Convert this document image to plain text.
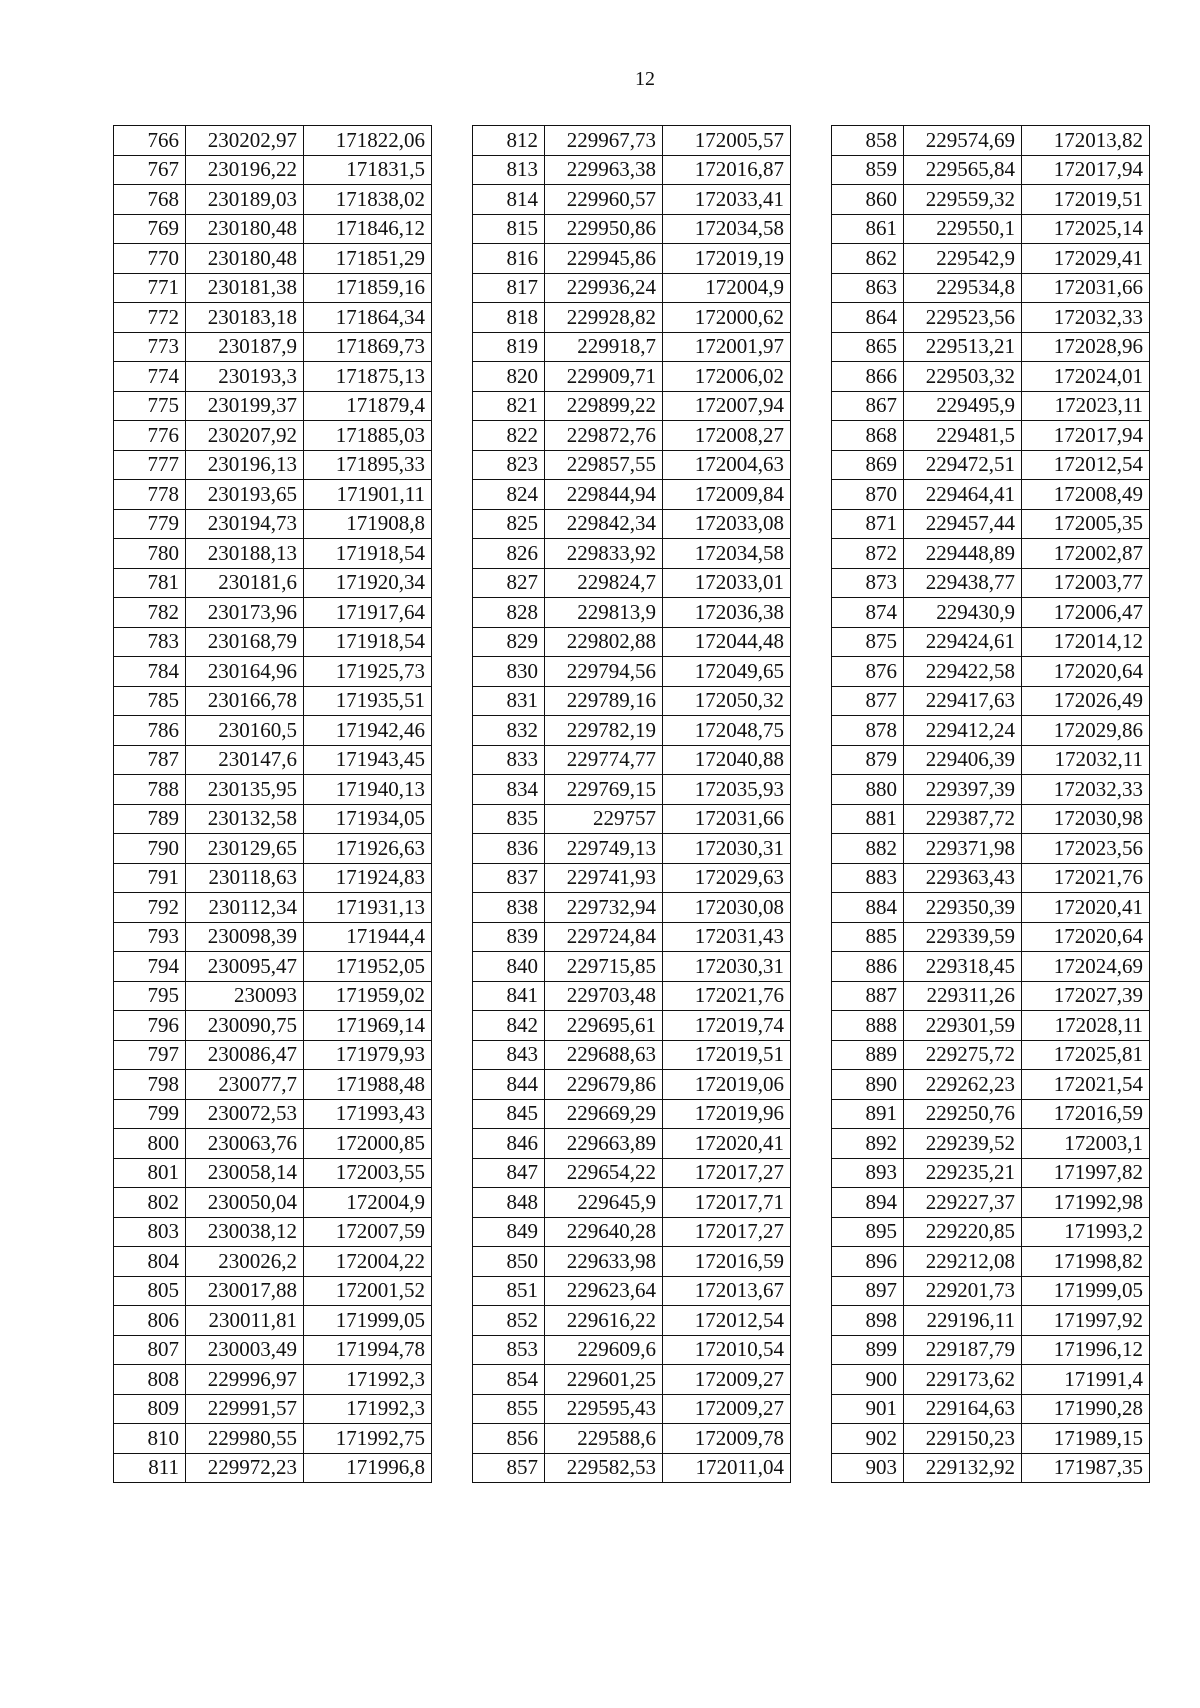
12
766	230202,97	171822,06
767	230196,22	171831,5
768	230189,03	171838,02
769	230180,48	171846,12
770	230180,48	171851,29
771	230181,38	171859,16
772	230183,18	171864,34
773	230187,9	171869,73
774	230193,3	171875,13
775	230199,37	171879,4
776	230207,92	171885,03
777	230196,13	171895,33
778	230193,65	171901,11
779	230194,73	171908,8
780	230188,13	171918,54
781	230181,6	171920,34
782	230173,96	171917,64
783	230168,79	171918,54
784	230164,96	171925,73
785	230166,78	171935,51
786	230160,5	171942,46
787	230147,6	171943,45
788	230135,95	171940,13
789	230132,58	171934,05
790	230129,65	171926,63
791	230118,63	171924,83
792	230112,34	171931,13
793	230098,39	171944,4
794	230095,47	171952,05
795	230093	171959,02
796	230090,75	171969,14
797	230086,47	171979,93
798	230077,7	171988,48
799	230072,53	171993,43
800	230063,76	172000,85
801	230058,14	172003,55
802	230050,04	172004,9
803	230038,12	172007,59
804	230026,2	172004,22
805	230017,88	172001,52
806	230011,81	171999,05
807	230003,49	171994,78
808	229996,97	171992,3
809	229991,57	171992,3
810	229980,55	171992,75
811	229972,23	171996,8
812	229967,73	172005,57
813	229963,38	172016,87
814	229960,57	172033,41
815	229950,86	172034,58
816	229945,86	172019,19
817	229936,24	172004,9
818	229928,82	172000,62
819	229918,7	172001,97
820	229909,71	172006,02
821	229899,22	172007,94
822	229872,76	172008,27
823	229857,55	172004,63
824	229844,94	172009,84
825	229842,34	172033,08
826	229833,92	172034,58
827	229824,7	172033,01
828	229813,9	172036,38
829	229802,88	172044,48
830	229794,56	172049,65
831	229789,16	172050,32
832	229782,19	172048,75
833	229774,77	172040,88
834	229769,15	172035,93
835	229757	172031,66
836	229749,13	172030,31
837	229741,93	172029,63
838	229732,94	172030,08
839	229724,84	172031,43
840	229715,85	172030,31
841	229703,48	172021,76
842	229695,61	172019,74
843	229688,63	172019,51
844	229679,86	172019,06
845	229669,29	172019,96
846	229663,89	172020,41
847	229654,22	172017,27
848	229645,9	172017,71
849	229640,28	172017,27
850	229633,98	172016,59
851	229623,64	172013,67
852	229616,22	172012,54
853	229609,6	172010,54
854	229601,25	172009,27
855	229595,43	172009,27
856	229588,6	172009,78
857	229582,53	172011,04
858	229574,69	172013,82
859	229565,84	172017,94
860	229559,32	172019,51
861	229550,1	172025,14
862	229542,9	172029,41
863	229534,8	172031,66
864	229523,56	172032,33
865	229513,21	172028,96
866	229503,32	172024,01
867	229495,9	172023,11
868	229481,5	172017,94
869	229472,51	172012,54
870	229464,41	172008,49
871	229457,44	172005,35
872	229448,89	172002,87
873	229438,77	172003,77
874	229430,9	172006,47
875	229424,61	172014,12
876	229422,58	172020,64
877	229417,63	172026,49
878	229412,24	172029,86
879	229406,39	172032,11
880	229397,39	172032,33
881	229387,72	172030,98
882	229371,98	172023,56
883	229363,43	172021,76
884	229350,39	172020,41
885	229339,59	172020,64
886	229318,45	172024,69
887	229311,26	172027,39
888	229301,59	172028,11
889	229275,72	172025,81
890	229262,23	172021,54
891	229250,76	172016,59
892	229239,52	172003,1
893	229235,21	171997,82
894	229227,37	171992,98
895	229220,85	171993,2
896	229212,08	171998,82
897	229201,73	171999,05
898	229196,11	171997,92
899	229187,79	171996,12
900	229173,62	171991,4
901	229164,63	171990,28
902	229150,23	171989,15
903	229132,92	171987,35
